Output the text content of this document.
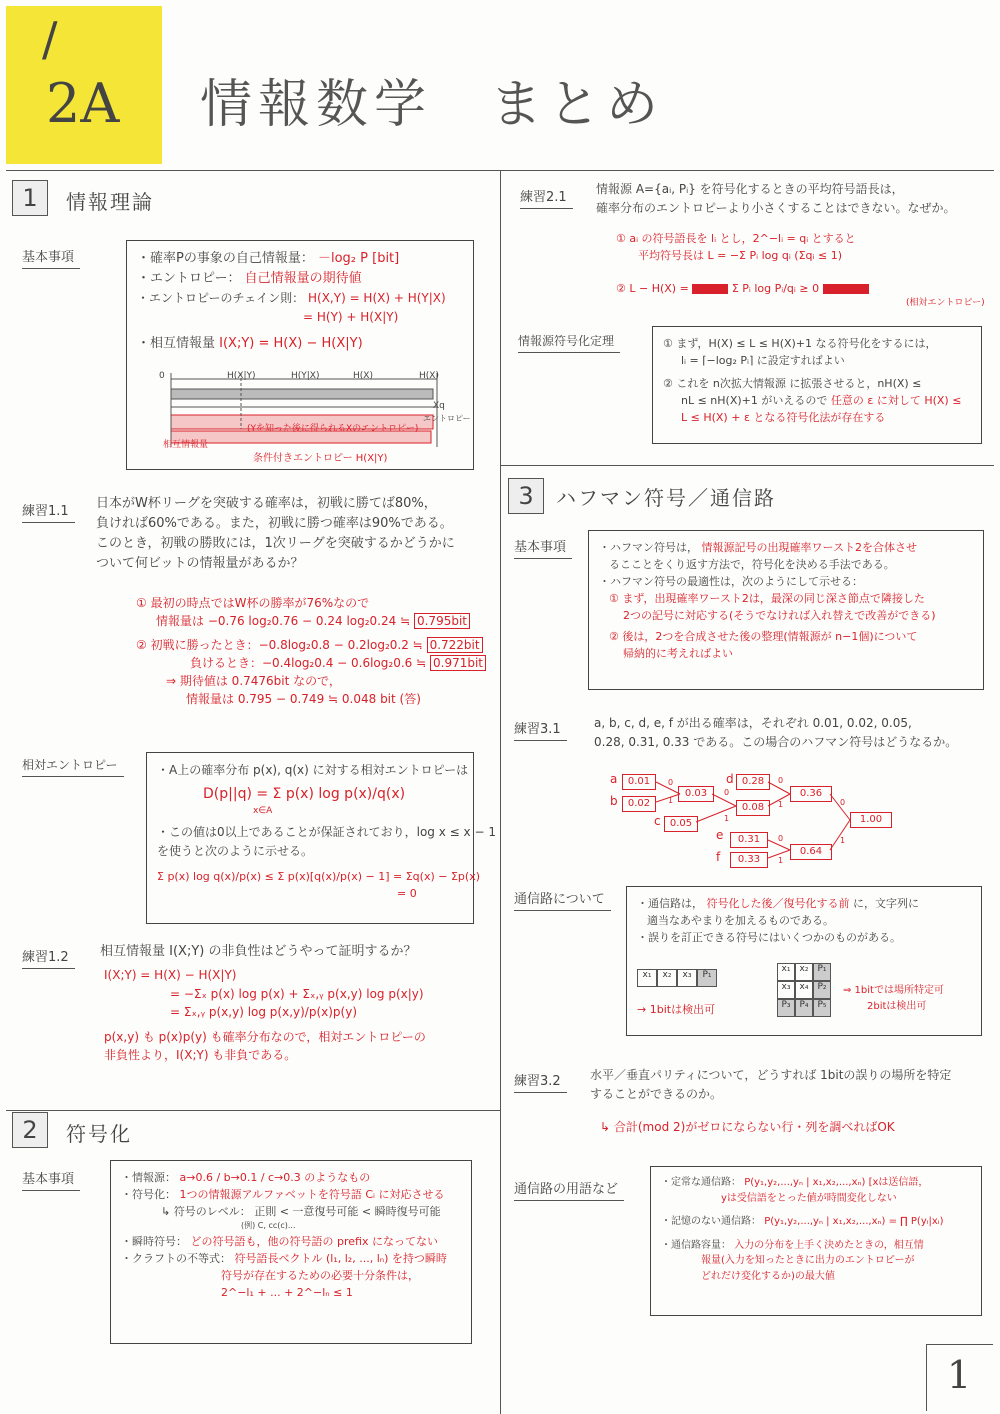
/
2A 情報数学　まとめ
1	情報理論
基本事項	・確率Pの事象の自己情報量： －log₂ P [bit]
・エントロピー： 自己情報量の期待値
・エントロピーのチェイン則： H(X,Y) = H(X) + H(Y|X)
= H(Y) + H(X|Y)
・相互情報量 I(X;Y) = H(X) − H(X|Y)
0	H(X|Y)	H(Y|X)	H(X)	H(X)
Xq
エントロピー
(Yを知った後に得られるXのエントロピー)
相互情報量
条件付きエントロピー H(X|Y)
練習1.1
日本がW杯リーグを突破する確率は，初戦に勝てば80%，
負ければ60%である。また，初戦に勝つ確率は90%である。
このとき，初戦の勝敗には，1次リーグを突破するかどうかに
ついて何ビットの情報量があるか？
① 最初の時点ではW杯の勝率が76%なので
情報量は −0.76 log₂0.76 − 0.24 log₂0.24 ≒ 0.795bit
② 初戦に勝ったとき：−0.8log₂0.8 − 0.2log₂0.2 ≒ 0.722bit
負けるとき：−0.4log₂0.4 − 0.6log₂0.6 ≒ 0.971bit
⇒ 期待値は 0.7476bit なので，
情報量は 0.795 − 0.749 ≒ 0.048 bit (答)
相対エントロピー	・A上の確率分布 p(x), q(x) に対する相対エントロピーは
D(p||q) = Σ p(x) log p(x)/q(x)
x∈A
・この値は0以上であることが保証されており，log x ≤ x − 1
を使うと次のように示せる。
Σ p(x) log q(x)/p(x) ≤ Σ p(x)[q(x)/p(x) − 1] = Σq(x) − Σp(x)
= 0
練習1.2 相互情報量 I(X;Y) の非負性はどうやって証明するか？
I(X;Y) = H(X) − H(X|Y)
= −Σₓ p(x) log p(x) + Σₓ,ᵧ p(x,y) log p(x|y)
= Σₓ,ᵧ p(x,y) log p(x,y)/p(x)p(y)
p(x,y) も p(x)p(y) も確率分布なので，相対エントロピーの
非負性より，I(X;Y) も非負である。
2	符号化
基本事項	・情報源： a→0.6 / b→0.1 / c→0.3 のようなもの
・符号化： 1つの情報源アルファベットを符号語 Cᵢ に対応させる
↳ 符号のレベル： 正則 < 一意復号可能 < 瞬時復号可能
(例) C, cc(c)...
・瞬時符号： どの符号語も，他の符号語の prefix になってない
・クラフトの不等式： 符号語長ベクトル (l₁, l₂, ..., lₙ) を持つ瞬時
符号が存在するための必要十分条件は，
2^−l₁ + ... + 2^−lₙ ≤ 1
練習2.1
情報源 A={aᵢ, Pᵢ} を符号化するときの平均符号語長は，
確率分布のエントロピーより小さくすることはできない。なぜか。
① aᵢ の符号語長を lᵢ とし，2^−lᵢ = qᵢ とすると
平均符号長は L = −Σ Pᵢ log qᵢ (Σqᵢ ≤ 1)
② L − H(X) =	Σ Pᵢ log Pᵢ/qᵢ ≥ 0
(相対エントロピー)
情報源符号化定理	① まず，H(X) ≤ L ≤ H(X)+1 なる符号化をするには，
lᵢ = ⌈−log₂ Pᵢ⌉ に設定すればよい
② これを n次拡大情報源 に拡張させると，nH(X) ≤
nL ≤ nH(X)+1 がいえるので 任意の ε に対して H(X) ≤
L ≤ H(X) + ε となる符号化法が存在する
3	ハフマン符号／通信路
基本事項	・ハフマン符号は， 情報源記号の出現確率ワースト2を合体させ
るこことをくり返す方法で，符号化を決める手法である。
・ハフマン符号の最適性は，次のようにして示せる：
① まず，出現確率ワースト2は，最深の同じ深さ節点で隣接した
2つの記号に対応する(そうでなければ入れ替えで改善ができる)
② 後は，2つを合成させた後の整理(情報源が n−1個)について
帰納的に考えればよい
練習3.1	a, b, c, d, e, f が出る確率は，それぞれ 0.01, 0.02, 0.05,
0.28, 0.31, 0.33 である。この場合のハフマン符号はどうなるか。
a
b
c
d
e
f
0.01
0.02
0.05
0.28
0.31
0.33
0.03
0.08
0.36
0.64
1.00
0
1
0
1
0
1
0
1
0
1
通信路について	・通信路は， 符号化した後／復号化する前 に，文字列に
適当なあやまりを加えるものである。
・誤りを訂正できる符号にはいくつかのものがある。
x₁	x₂	x₃	P₁
→ 1bitは検出可
x₁	x₂	P₁
x₃	x₄	P₂
P₃ P₄ P₅
⇒ 1bitでは場所特定可
2bitは検出可
練習3.2 水平／垂直パリティについて，どうすれば 1bitの誤りの場所を特定
することができるのか。
↳ 合計(mod 2)がゼロにならない行・列を調べればOK
通信路の用語など	・定常な通信路： P(y₁,y₂,...,yₙ | x₁,x₂,...,xₙ) [xは送信語，
yは受信語をとった値が時間変化しない
・記憶のない通信路： P(y₁,y₂,...,yₙ | x₁,x₂,...,xₙ) = ∏ P(yᵢ|xᵢ)
・通信路容量： 入力の分布を上手く決めたときの，相互情
報量(入力を知ったときに出力のエントロピーが
どれだけ変化するか)の最大値
1
